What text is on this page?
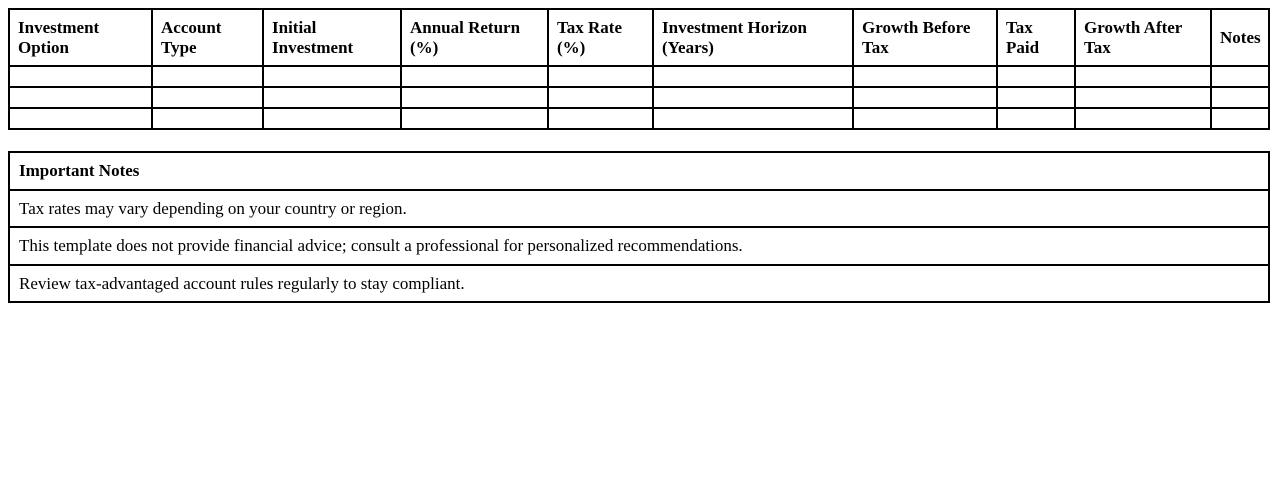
Investment Option	Account Type	Initial Investment	Annual Return (%)	Tax Rate (%)	Investment Horizon (Years)	Growth Before Tax	Tax Paid	Growth After Tax	Notes

Important Notes
Tax rates may vary depending on your country or region.
This template does not provide financial advice; consult a professional for personalized recommendations.
Review tax-advantaged account rules regularly to stay compliant.
